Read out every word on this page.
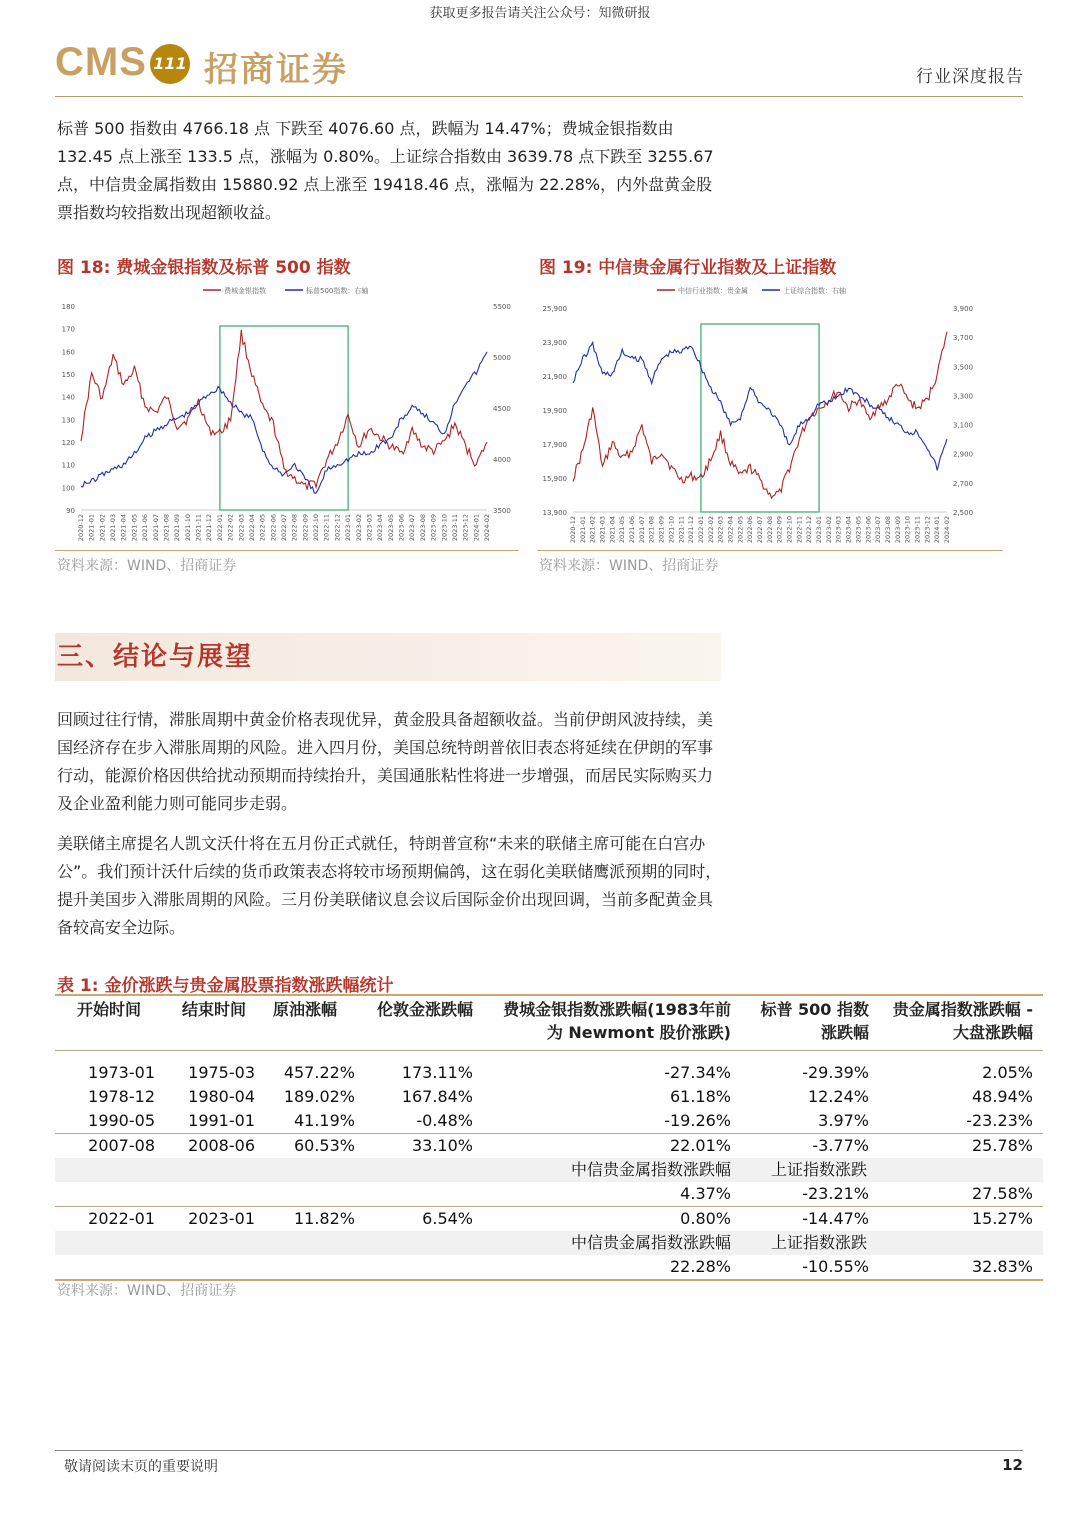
获取更多报告请关注公众号：知微研报
CMS 111 招商证券	行业深度报告
标普 500 指数由 4766.18 点 下跌至 4076.60 点，跌幅为 14.47%；费城金银指数由 132.45 点上涨至 133.5 点，涨幅为 0.80%。上证综合指数由 3639.78 点下跌至 3255.67 点，中信贵金属指数由 15880.92 点上涨至 19418.46 点，涨幅为 22.28%，内外盘黄金股票指数均较指数出现超额收益。
图 18: 费城金银指数及标普 500 指数
费城金银指数	标普500指数：右轴
180
170
160
150
140
130
120
110
100
90
5500
5000
4500
4000
3500
2020-12 2021-01 2021-02 2021-03 2021-04 2021-05 2021-06 2021-07 2021-08 2021-09 2021-10 2021-11 2021-12 2022-01 2022-02 2022-03 2022-04 2022-05 2022-06 2022-07 2022-08 2022-09 2022-10 2022-11 2022-12 2023-01 2023-02 2023-03 2023-04 2023-05 2023-06 2023-07 2023-08 2023-09 2023-10 2023-11 2023-12 2024-01 2024-02
资料来源：WIND、招商证券
图 19: 中信贵金属行业指数及上证指数
中信行业指数：贵金属	上证综合指数：右轴
25,900
23,900
21,900
19,900
17,900
15,900
13,900
3,900
3,700
3,500
3,300
3,100
2,900
2,700
2,500
2020-12 2021-01 2021-02 2021-03 2021-04 2021-05 2021-06 2021-07 2021-08 2021-09 2021-10 2021-11 2021-12 2022-01 2022-02 2022-03 2022-04 2022-05 2022-06 2022-07 2022-08 2022-09 2022-10 2022-11 2022-12 2023-01 2023-02 2023-03 2023-04 2023-05 2023-06 2023-07 2023-08 2023-09 2023-10 2023-11 2023-12 2024-01 2024-02
资料来源：WIND、招商证券
三、结论与展望
回顾过往行情，滞胀周期中黄金价格表现优异，黄金股具备超额收益。当前伊朗风波持续，美国经济存在步入滞胀周期的风险。进入四月份，美国总统特朗普依旧表态将延续在伊朗的军事行动，能源价格因供给扰动预期而持续抬升，美国通胀粘性将进一步增强，而居民实际购买力及企业盈利能力则可能同步走弱。
美联储主席提名人凯文沃什将在五月份正式就任，特朗普宣称“未来的联储主席可能在白宫办公”。我们预计沃什后续的货币政策表态将较市场预期偏鸽，这在弱化美联储鹰派预期的同时，提升美国步入滞胀周期的风险。三月份美联储议息会议后国际金价出现回调，当前多配黄金具备较高安全边际。
表 1: 金价涨跌与贵金属股票指数涨跌幅统计
开始时间	结束时间	原油涨幅	伦敦金涨跌幅	费城金银指数涨跌幅(1983年前为 Newmont 股价涨跌)	标普 500 指数涨跌幅	贵金属指数涨跌幅 - 大盘涨跌幅

1973-01	1975-03	457.22%	173.11%	-27.34%	-29.39%	2.05%
1978-12	1980-04	189.02%	167.84%	61.18%	12.24%	48.94%
1990-05	1991-01	41.19%	-0.48%	-19.26%	3.97%	-23.23%
2007-08	2008-06	60.53%	33.10%	22.01%	-3.77%	25.78%
				中信贵金属指数涨跌幅	上证指数涨跌	
				4.37%	-23.21%	27.58%
2022-01	2023-01	11.82%	6.54%	0.80%	-14.47%	15.27%
				中信贵金属指数涨跌幅	上证指数涨跌	
				22.28%	-10.55%	32.83%
资料来源：WIND、招商证券
敬请阅读末页的重要说明	12
